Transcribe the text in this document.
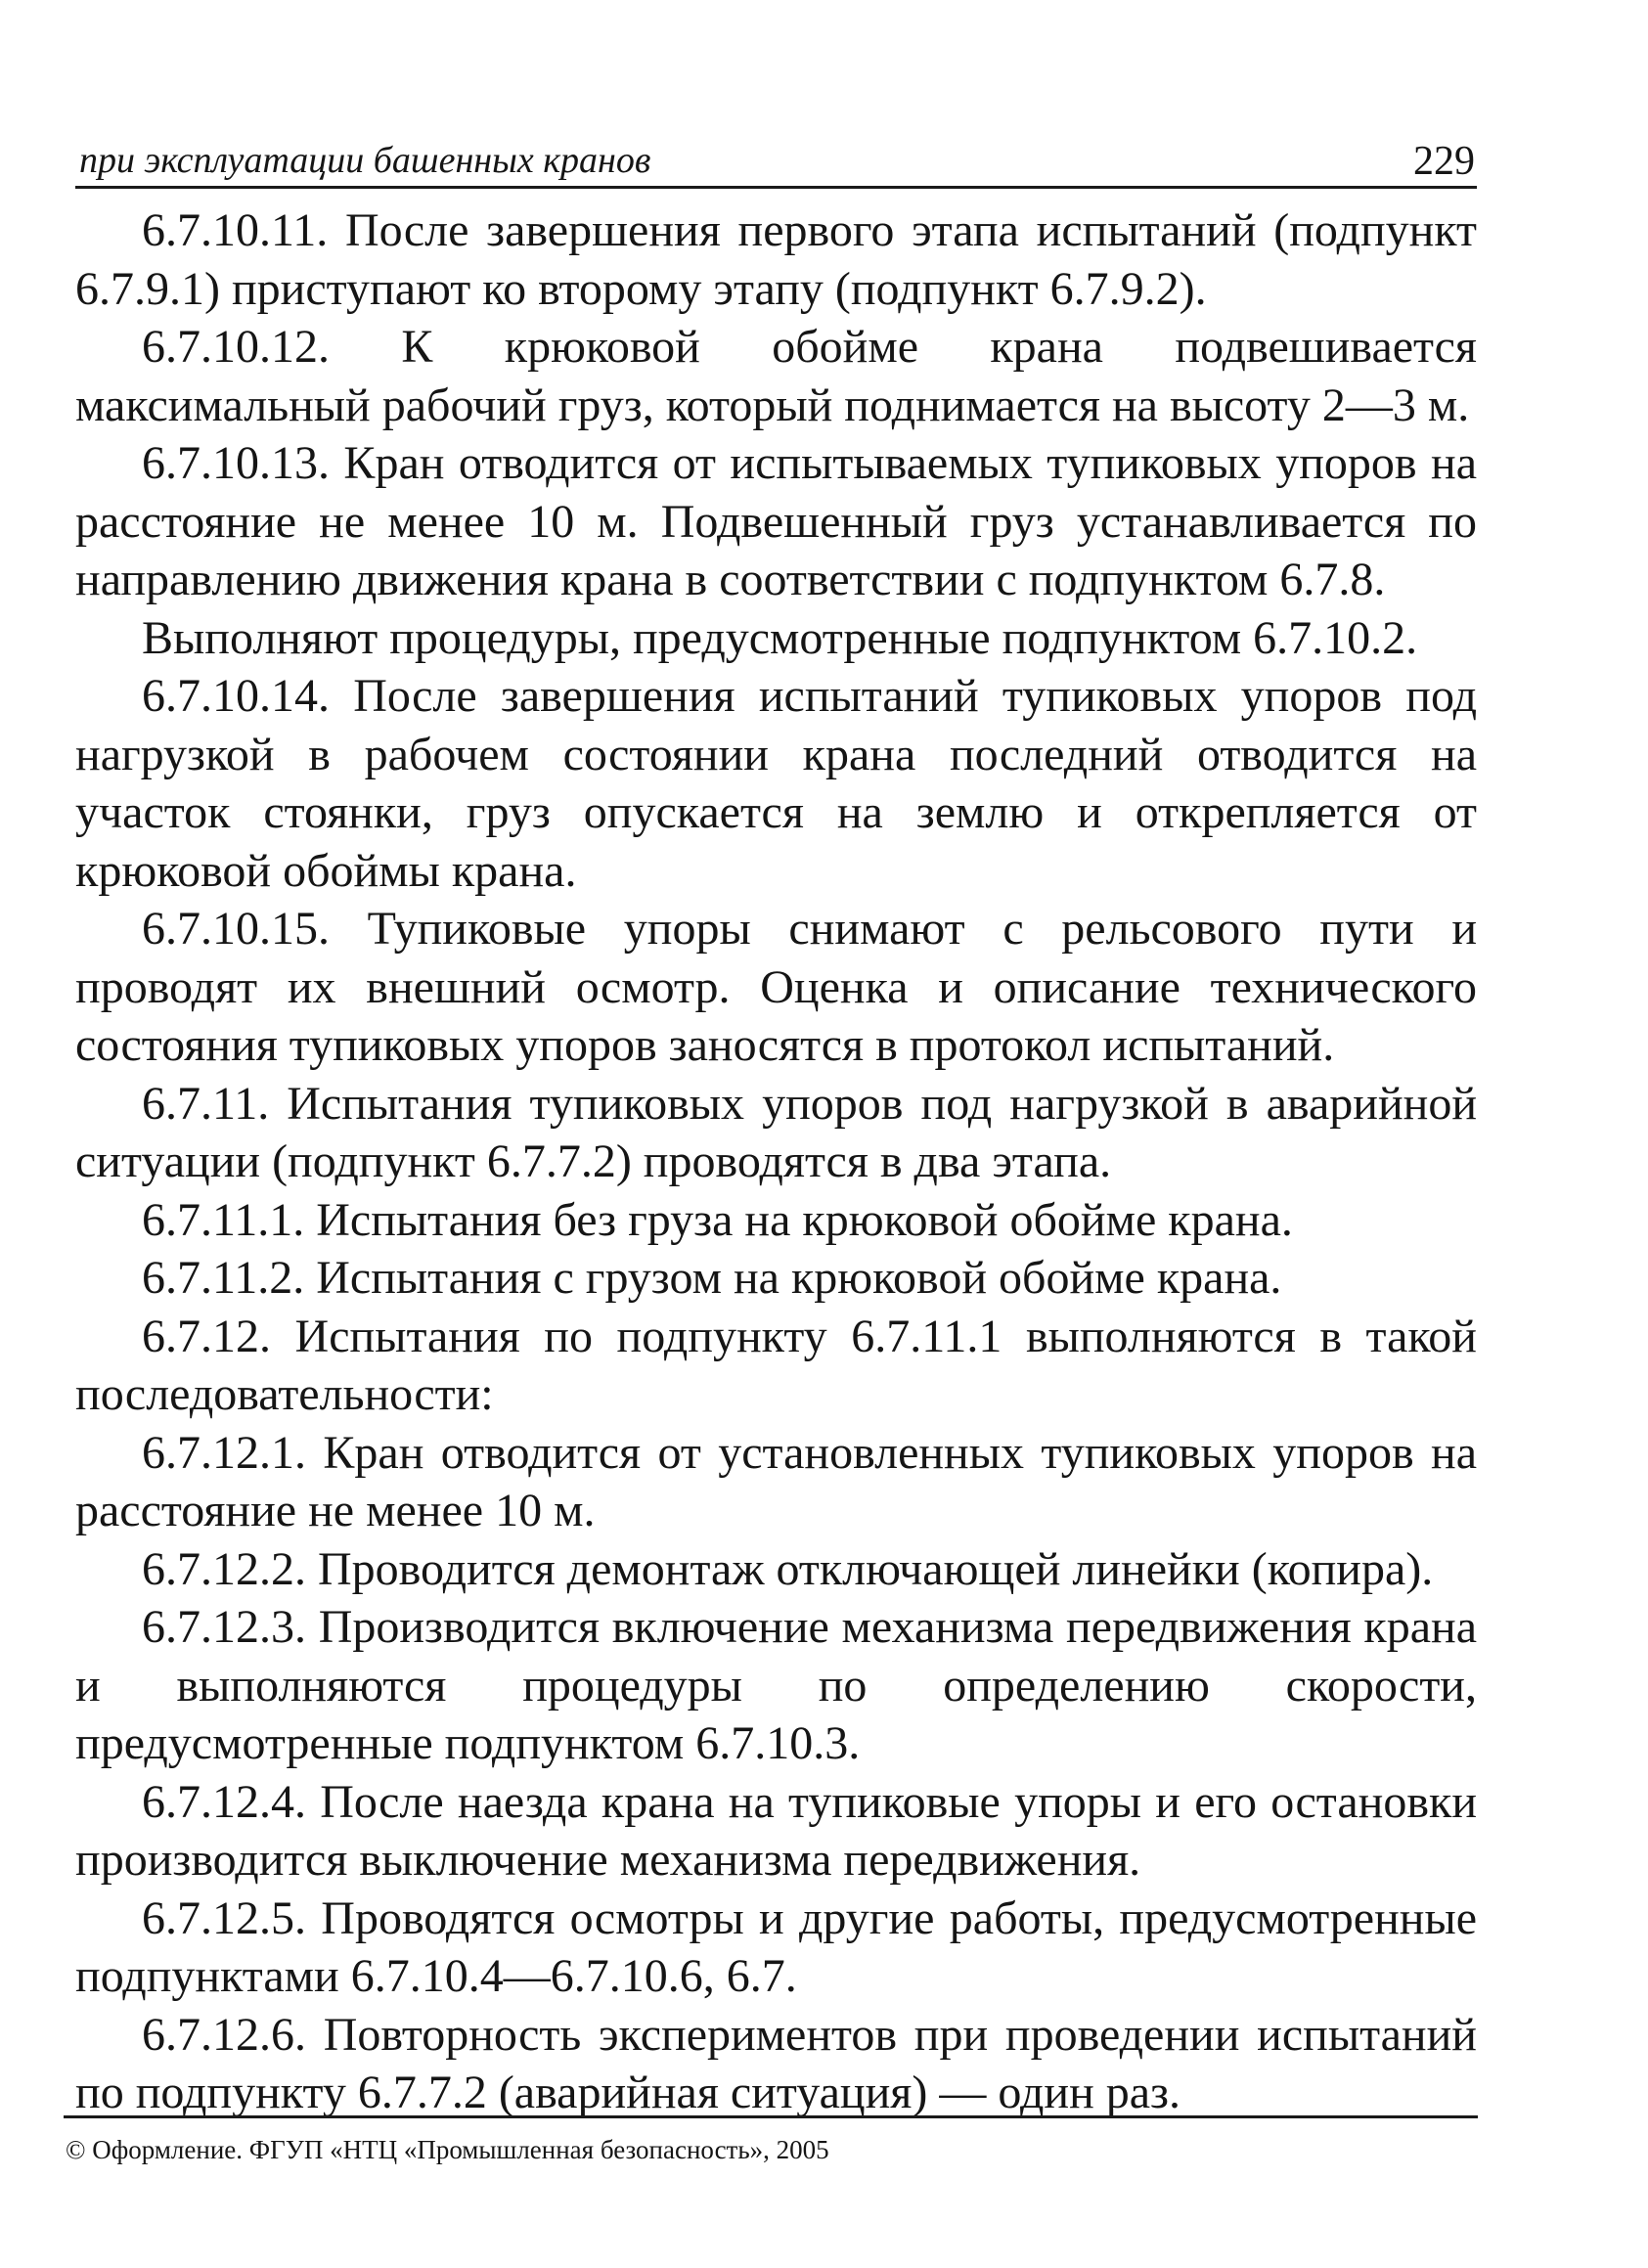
при эксплуатации башенных кранов	229

6.7.10.11. После завершения первого этапа испытаний (подпункт 6.7.9.1) приступают ко второму этапу (подпункт 6.7.9.2).

6.7.10.12. К крюковой обойме крана подвешивается максимальный рабочий груз, который поднимается на высоту 2—3 м.

6.7.10.13. Кран отводится от испытываемых тупиковых упоров на расстояние не менее 10 м. Подвешенный груз устанавливается по направлению движения крана в соответствии с подпунктом 6.7.8.

Выполняют процедуры, предусмотренные подпунктом 6.7.10.2.

6.7.10.14. После завершения испытаний тупиковых упоров под нагрузкой в рабочем состоянии крана последний отводится на участок стоянки, груз опускается на землю и открепляется от крюковой обоймы крана.

6.7.10.15. Тупиковые упоры снимают с рельсового пути и проводят их внешний осмотр. Оценка и описание технического состояния тупиковых упоров заносятся в протокол испытаний.

6.7.11. Испытания тупиковых упоров под нагрузкой в аварийной ситуации (подпункт 6.7.7.2) проводятся в два этапа.

6.7.11.1. Испытания без груза на крюковой обойме крана.

6.7.11.2. Испытания с грузом на крюковой обойме крана.

6.7.12. Испытания по подпункту 6.7.11.1 выполняются в такой последовательности:

6.7.12.1. Кран отводится от установленных тупиковых упоров на расстояние не менее 10 м.

6.7.12.2. Проводится демонтаж отключающей линейки (копира).

6.7.12.3. Производится включение механизма передвижения крана и выполняются процедуры по определению скорости, предусмотренные подпунктом 6.7.10.3.

6.7.12.4. После наезда крана на тупиковые упоры и его остановки производится выключение механизма передвижения.

6.7.12.5. Проводятся осмотры и другие работы, предусмотренные подпунктами 6.7.10.4—6.7.10.6, 6.7.

6.7.12.6. Повторность экспериментов при проведении испытаний по подпункту 6.7.7.2 (аварийная ситуация) — один раз.

© Оформление. ФГУП «НТЦ «Промышленная безопасность», 2005
